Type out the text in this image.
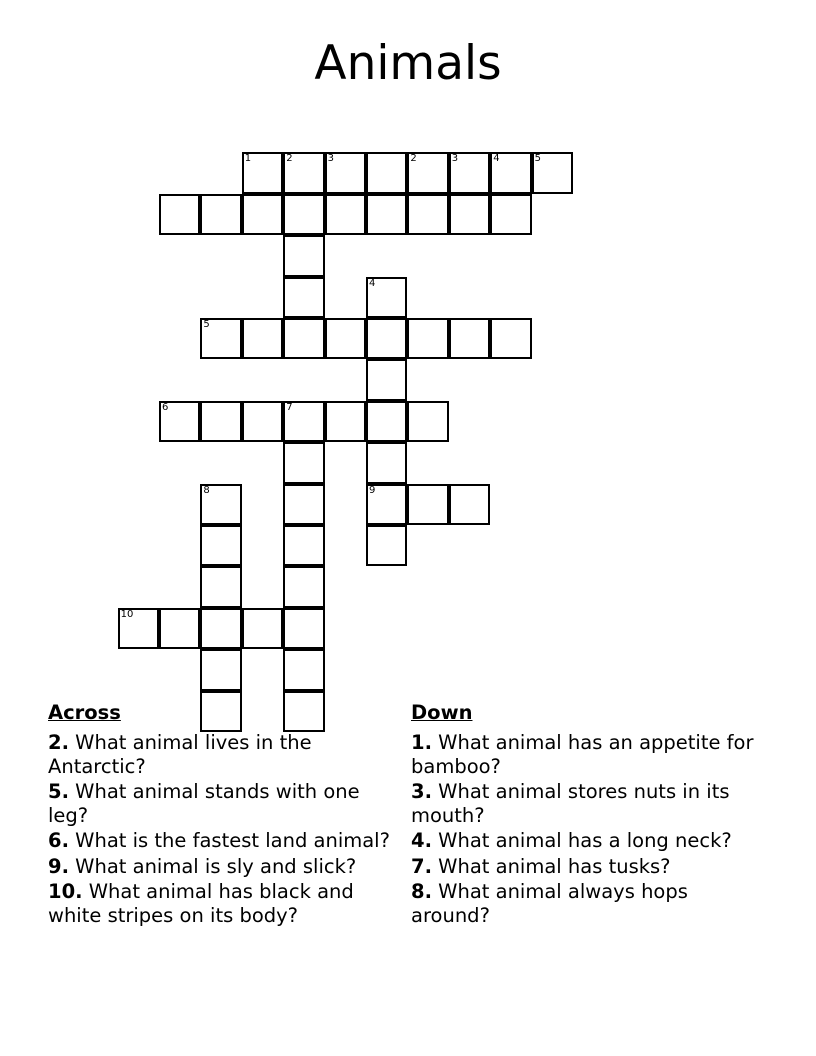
Animals
1	2	3	2	3	4	5
4
5
6	7
8	9
10
Across
2. What animal lives in the Antarctic?
5. What animal stands with one leg?
6. What is the fastest land animal?
9. What animal is sly and slick?
10. What animal has black and white stripes on its body?
Down
1. What animal has an appetite for bamboo?
3. What animal stores nuts in its mouth?
4. What animal has a long neck?
7. What animal has tusks?
8. What animal always hops around?
